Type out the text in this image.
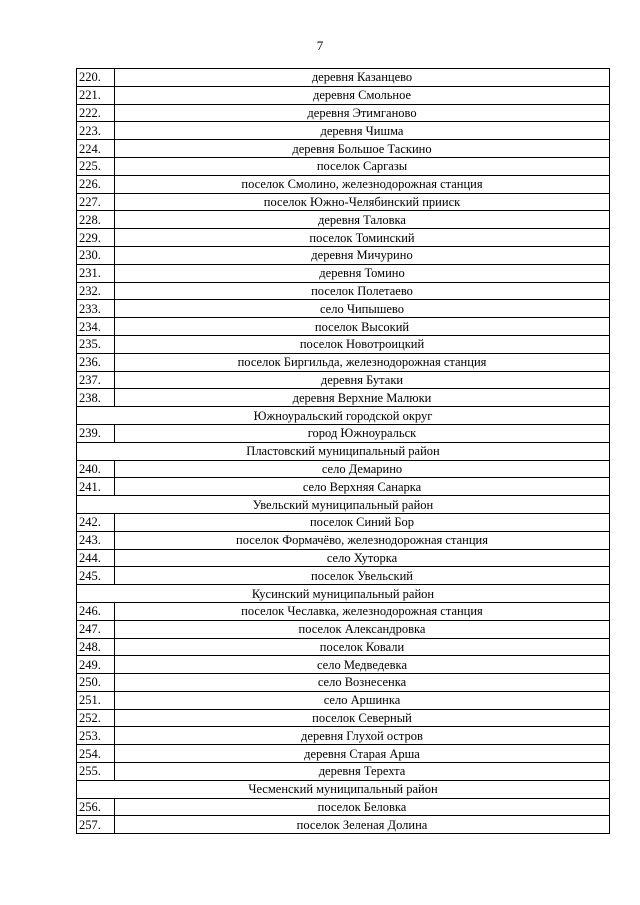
7
220.	деревня Казанцево
221.	деревня Смольное
222.	деревня Этимганово
223.	деревня Чишма
224.	деревня Большое Таскино
225.	поселок Саргазы
226.	поселок Смолино, железнодорожная станция
227.	поселок Южно-Челябинский прииск
228.	деревня Таловка
229.	поселок Томинский
230.	деревня Мичурино
231.	деревня Томино
232.	поселок Полетаево
233.	село Чипышево
234.	поселок Высокий
235.	поселок Новотроицкий
236.	поселок Биргильда, железнодорожная станция
237.	деревня Бутаки
238.	деревня Верхние Малюки
Южноуральский городской округ	
239.	город Южноуральск
Пластовский муниципальный район	
240.	село Демарино
241.	село Верхняя Санарка
Увельский муниципальный район	
242.	поселок Синий Бор
243.	поселок Формачёво, железнодорожная станция
244.	село Хуторка
245.	поселок Увельский
Кусинский муниципальный район	
246.	поселок Чеславка, железнодорожная станция
247.	поселок Александровка
248.	поселок Ковали
249.	село Медведевка
250.	село Вознесенка
251.	село Аршинка
252.	поселок Северный
253.	деревня Глухой остров
254.	деревня Старая Арша
255.	деревня Терехта
Чесменский муниципальный район	
256.	поселок Беловка
257.	поселок Зеленая Долина
